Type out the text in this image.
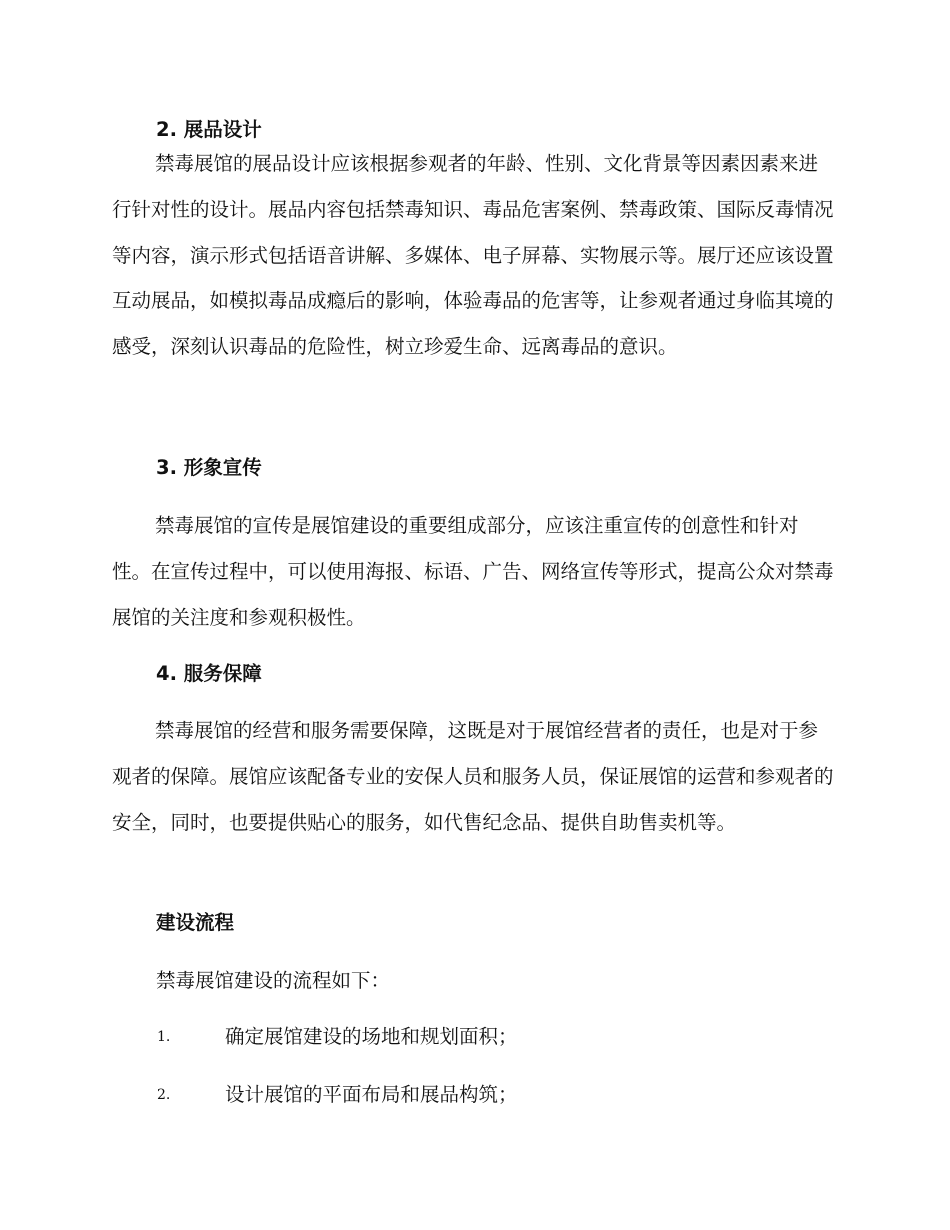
2. 展品设计

禁毒展馆的展品设计应该根据参观者的年龄、性别、文化背景等因素因素来进行针对性的设计。展品内容包括禁毒知识、毒品危害案例、禁毒政策、国际反毒情况等内容，演示形式包括语音讲解、多媒体、电子屏幕、实物展示等。展厅还应该设置互动展品，如模拟毒品成瘾后的影响，体验毒品的危害等，让参观者通过身临其境的感受，深刻认识毒品的危险性，树立珍爱生命、远离毒品的意识。

3. 形象宣传

禁毒展馆的宣传是展馆建设的重要组成部分，应该注重宣传的创意性和针对性。在宣传过程中，可以使用海报、标语、广告、网络宣传等形式，提高公众对禁毒展馆的关注度和参观积极性。

4. 服务保障

禁毒展馆的经营和服务需要保障，这既是对于展馆经营者的责任，也是对于参观者的保障。展馆应该配备专业的安保人员和服务人员，保证展馆的运营和参观者的安全，同时，也要提供贴心的服务，如代售纪念品、提供自助售卖机等。

建设流程
禁毒展馆建设的流程如下：
1.	确定展馆建设的场地和规划面积；
2.	设计展馆的平面布局和展品构筑；
